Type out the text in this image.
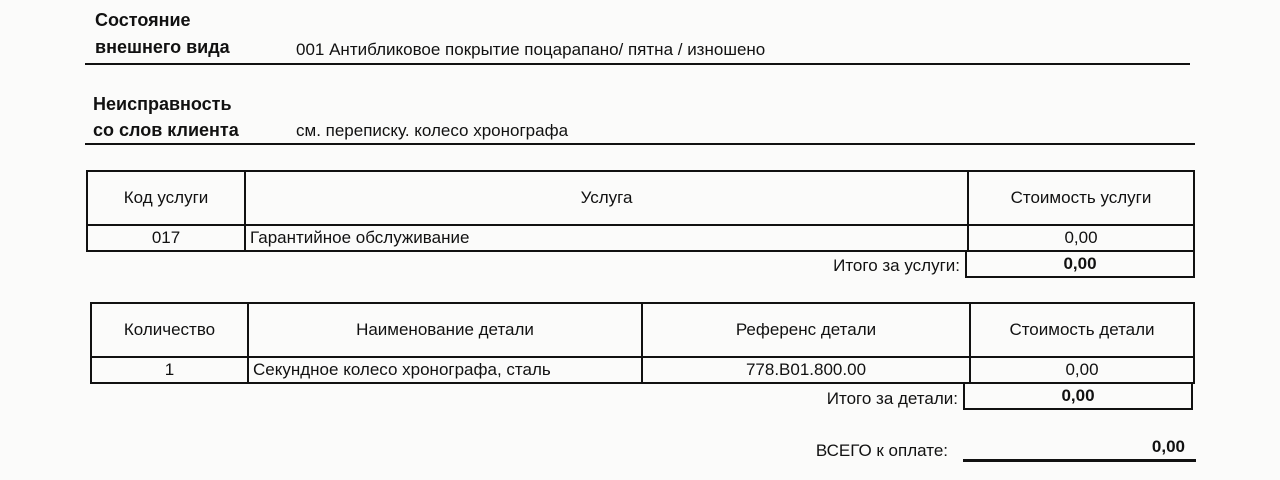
Состояние
внешнего вида	001 Антибликовое покрытие поцарапано/ пятна / изношено
Неисправность
со слов клиента	см. переписку. колесо хронографа
Код услуги	Услуга	Стоимость услуги
017	Гарантийное обслуживание	0,00
Итого за услуги:	0,00
Количество	Наименование детали	Референс детали	Стоимость детали
1	Секундное колесо хронографа, сталь	778.B01.800.00	0,00
Итого за детали:	0,00
ВСЕГО к оплате:	0,00
